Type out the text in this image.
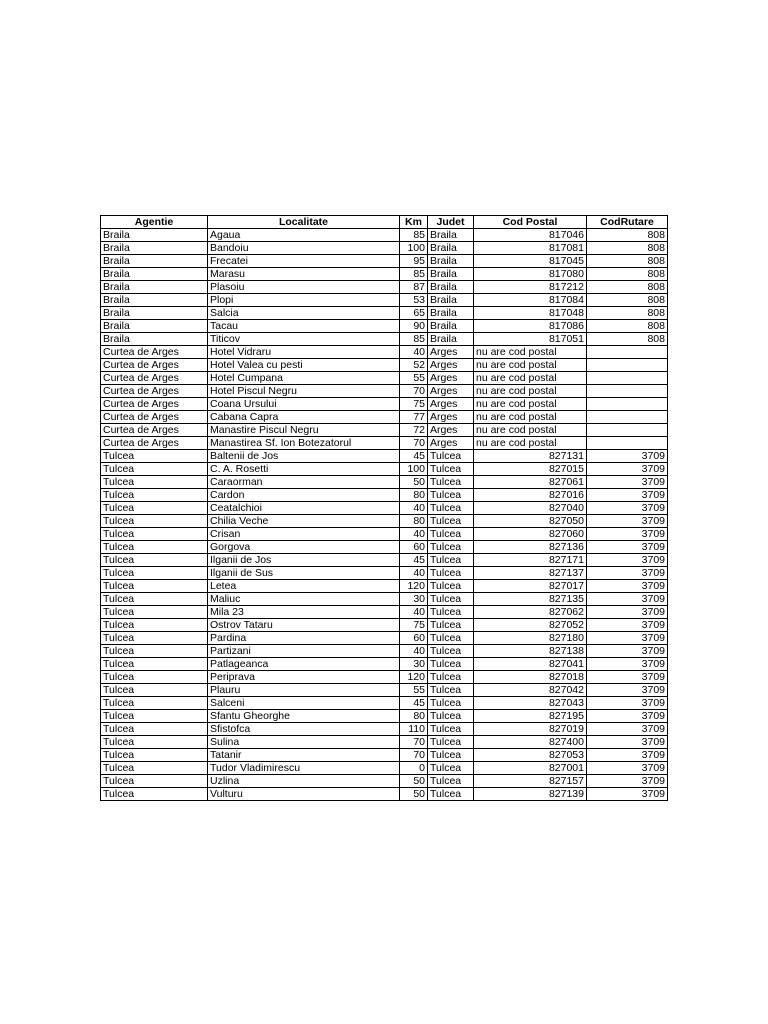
Agentie	Localitate	Km	Judet	Cod Postal	CodRutare
Braila	Agaua	85	Braila	817046	808
Braila	Bandoiu	100	Braila	817081	808
Braila	Frecatei	95	Braila	817045	808
Braila	Marasu	85	Braila	817080	808
Braila	Plasoiu	87	Braila	817212	808
Braila	Plopi	53	Braila	817084	808
Braila	Salcia	65	Braila	817048	808
Braila	Tacau	90	Braila	817086	808
Braila	Titicov	85	Braila	817051	808
Curtea de Arges	Hotel Vidraru	40	Arges	nu are cod postal	
Curtea de Arges	Hotel Valea cu pesti	52	Arges	nu are cod postal	
Curtea de Arges	Hotel Cumpana	55	Arges	nu are cod postal	
Curtea de Arges	Hotel Piscul Negru	70	Arges	nu are cod postal	
Curtea de Arges	Coana Ursului	75	Arges	nu are cod postal	
Curtea de Arges	Cabana Capra	77	Arges	nu are cod postal	
Curtea de Arges	Manastire Piscul Negru	72	Arges	nu are cod postal	
Curtea de Arges	Manastirea Sf. Ion Botezatorul	70	Arges	nu are cod postal	
Tulcea	Baltenii de Jos	45	Tulcea	827131	3709
Tulcea	C. A. Rosetti	100	Tulcea	827015	3709
Tulcea	Caraorman	50	Tulcea	827061	3709
Tulcea	Cardon	80	Tulcea	827016	3709
Tulcea	Ceatalchioi	40	Tulcea	827040	3709
Tulcea	Chilia Veche	80	Tulcea	827050	3709
Tulcea	Crisan	40	Tulcea	827060	3709
Tulcea	Gorgova	60	Tulcea	827136	3709
Tulcea	Ilganii de Jos	45	Tulcea	827171	3709
Tulcea	Ilganii de Sus	40	Tulcea	827137	3709
Tulcea	Letea	120	Tulcea	827017	3709
Tulcea	Maliuc	30	Tulcea	827135	3709
Tulcea	Mila 23	40	Tulcea	827062	3709
Tulcea	Ostrov Tataru	75	Tulcea	827052	3709
Tulcea	Pardina	60	Tulcea	827180	3709
Tulcea	Partizani	40	Tulcea	827138	3709
Tulcea	Patlageanca	30	Tulcea	827041	3709
Tulcea	Periprava	120	Tulcea	827018	3709
Tulcea	Plauru	55	Tulcea	827042	3709
Tulcea	Salceni	45	Tulcea	827043	3709
Tulcea	Sfantu Gheorghe	80	Tulcea	827195	3709
Tulcea	Sfistofca	110	Tulcea	827019	3709
Tulcea	Sulina	70	Tulcea	827400	3709
Tulcea	Tatanir	70	Tulcea	827053	3709
Tulcea	Tudor Vladimirescu	0	Tulcea	827001	3709
Tulcea	Uzlina	50	Tulcea	827157	3709
Tulcea	Vulturu	50	Tulcea	827139	3709
